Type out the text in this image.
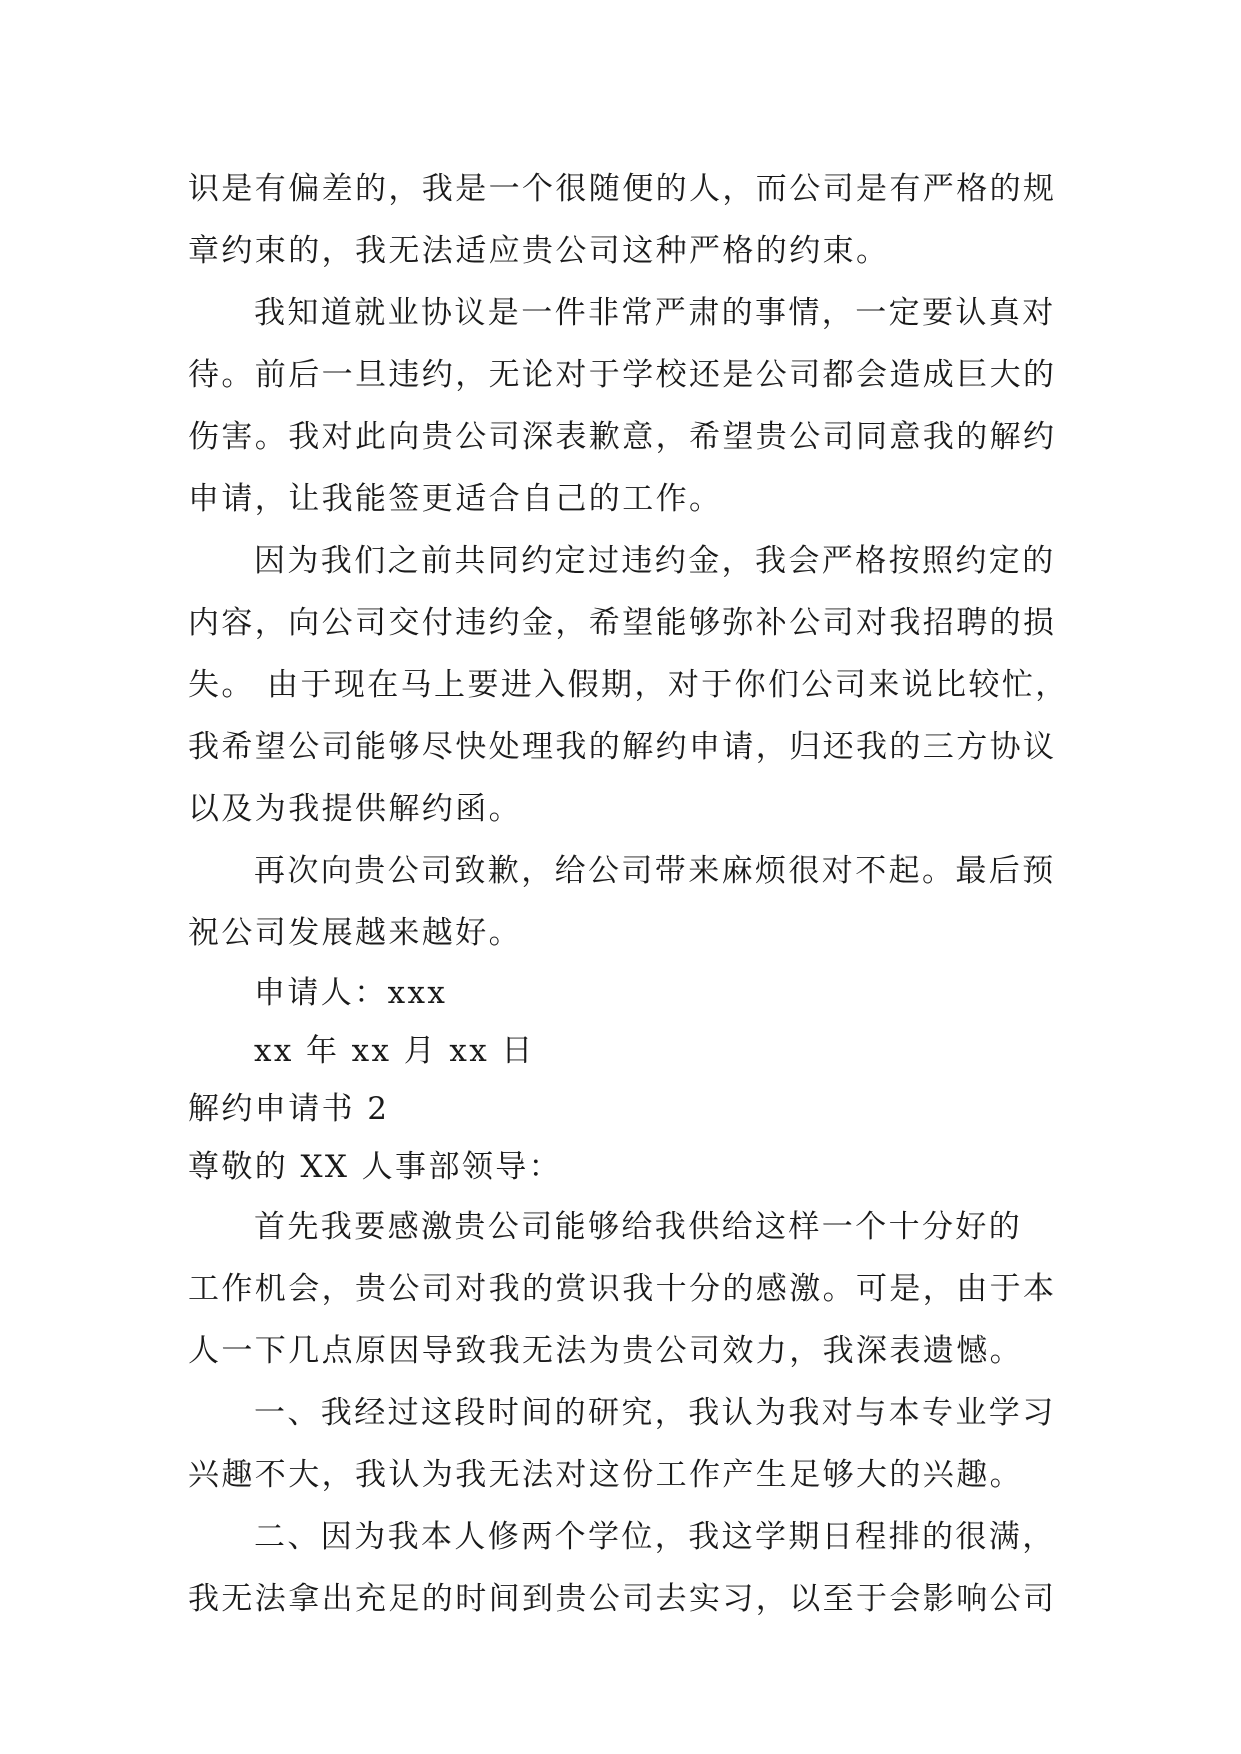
识是有偏差的，我是一个很随便的人，而公司是有严格的规
章约束的，我无法适应贵公司这种严格的约束。
我知道就业协议是一件非常严肃的事情，一定要认真对
待。前后一旦违约，无论对于学校还是公司都会造成巨大的
伤害。我对此向贵公司深表歉意，希望贵公司同意我的解约
申请，让我能签更适合自己的工作。
因为我们之前共同约定过违约金，我会严格按照约定的
内容，向公司交付违约金，希望能够弥补公司对我招聘的损
失。 由于现在马上要进入假期，对于你们公司来说比较忙，
我希望公司能够尽快处理我的解约申请，归还我的三方协议
以及为我提供解约函。
再次向贵公司致歉，给公司带来麻烦很对不起。最后预
祝公司发展越来越好。
申请人：xxx
xx 年 xx 月 xx 日
解约申请书 2
尊敬的 XX 人事部领导：
首先我要感激贵公司能够给我供给这样一个十分好的
工作机会，贵公司对我的赏识我十分的感激。可是，由于本
人一下几点原因导致我无法为贵公司效力，我深表遗憾。
一、我经过这段时间的研究，我认为我对与本专业学习
兴趣不大，我认为我无法对这份工作产生足够大的兴趣。
二、因为我本人修两个学位，我这学期日程排的很满，
我无法拿出充足的时间到贵公司去实习，以至于会影响公司
